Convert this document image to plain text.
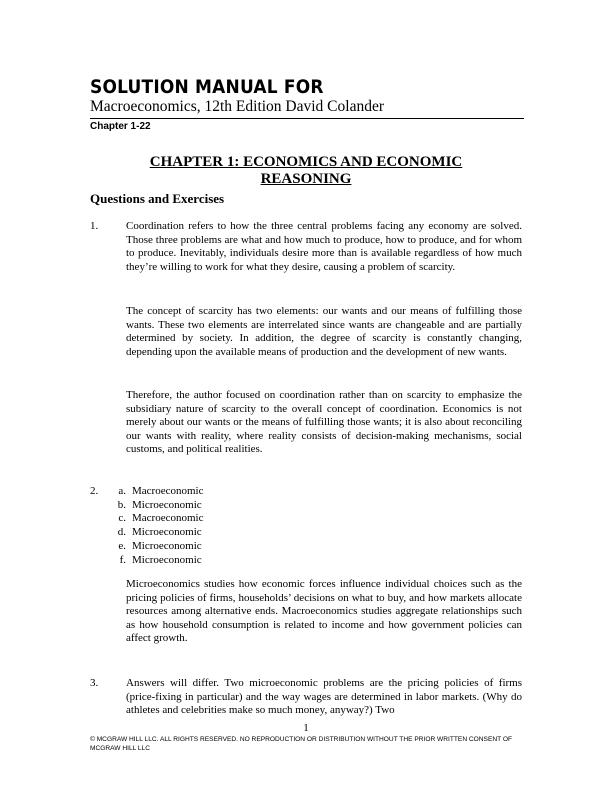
SOLUTION MANUAL FOR
Macroeconomics, 12th Edition David Colander
Chapter 1-22
CHAPTER 1: ECONOMICS AND ECONOMIC
REASONING
Questions and Exercises
1.	Coordination refers to how the three central problems facing any economy are solved. Those three problems are what and how much to produce, how to produce, and for whom to produce. Inevitably, individuals desire more than is available regardless of how much they’re willing to work for what they desire, causing a problem of scarcity.
The concept of scarcity has two elements: our wants and our means of fulfilling those wants. These two elements are interrelated since wants are changeable and are partially determined by society. In addition, the degree of scarcity is constantly changing, depending upon the available means of production and the development of new wants.
Therefore, the author focused on coordination rather than on scarcity to emphasize the subsidiary nature of scarcity to the overall concept of coordination. Economics is not merely about our wants or the means of fulfilling those wants; it is also about reconciling our wants with reality, where reality consists of decision-making mechanisms, social customs, and political realities.
2.	a. Macroeconomic
b. Microeconomic
c. Macroeconomic
d. Microeconomic
e. Microeconomic
f. Microeconomic
Microeconomics studies how economic forces influence individual choices such as the pricing policies of firms, households’ decisions on what to buy, and how markets allocate resources among alternative ends. Macroeconomics studies aggregate relationships such as how household consumption is related to income and how government policies can affect growth.
3.	Answers will differ. Two microeconomic problems are the pricing policies of firms (price-fixing in particular) and the way wages are determined in labor markets. (Why do athletes and celebrities make so much money, anyway?) Two
1
© MCGRAW HILL LLC. ALL RIGHTS RESERVED. NO REPRODUCTION OR DISTRIBUTION WITHOUT THE PRIOR WRITTEN CONSENT OF MCGRAW HILL LLC
